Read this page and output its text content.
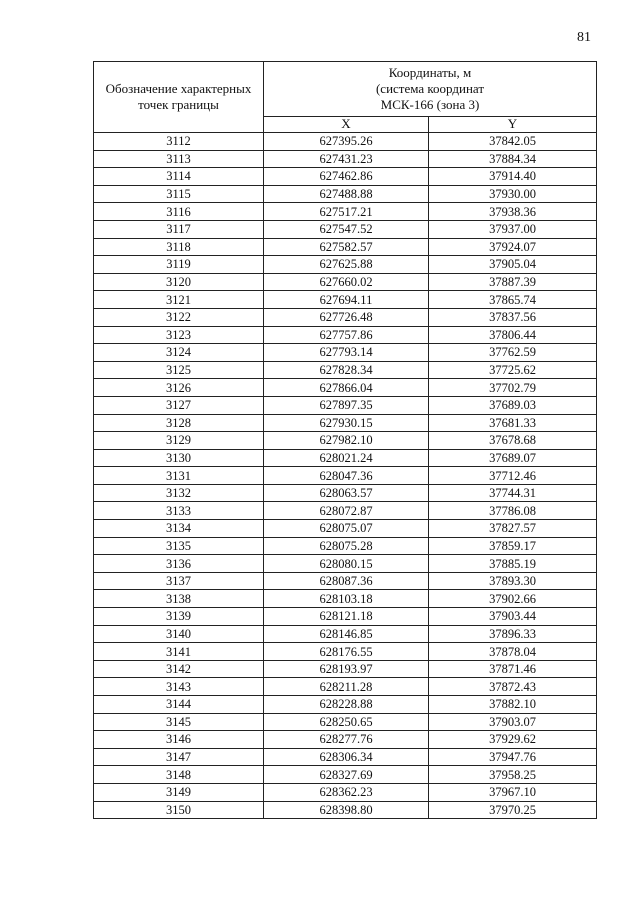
81
Обозначение характерных точек границы	Координаты, м
(система координат
МСК-166 (зона 3)	

	X	Y
3112	627395.26	37842.05
3113	627431.23	37884.34
3114	627462.86	37914.40
3115	627488.88	37930.00
3116	627517.21	37938.36
3117	627547.52	37937.00
3118	627582.57	37924.07
3119	627625.88	37905.04
3120	627660.02	37887.39
3121	627694.11	37865.74
3122	627726.48	37837.56
3123	627757.86	37806.44
3124	627793.14	37762.59
3125	627828.34	37725.62
3126	627866.04	37702.79
3127	627897.35	37689.03
3128	627930.15	37681.33
3129	627982.10	37678.68
3130	628021.24	37689.07
3131	628047.36	37712.46
3132	628063.57	37744.31
3133	628072.87	37786.08
3134	628075.07	37827.57
3135	628075.28	37859.17
3136	628080.15	37885.19
3137	628087.36	37893.30
3138	628103.18	37902.66
3139	628121.18	37903.44
3140	628146.85	37896.33
3141	628176.55	37878.04
3142	628193.97	37871.46
3143	628211.28	37872.43
3144	628228.88	37882.10
3145	628250.65	37903.07
3146	628277.76	37929.62
3147	628306.34	37947.76
3148	628327.69	37958.25
3149	628362.23	37967.10
3150	628398.80	37970.25
